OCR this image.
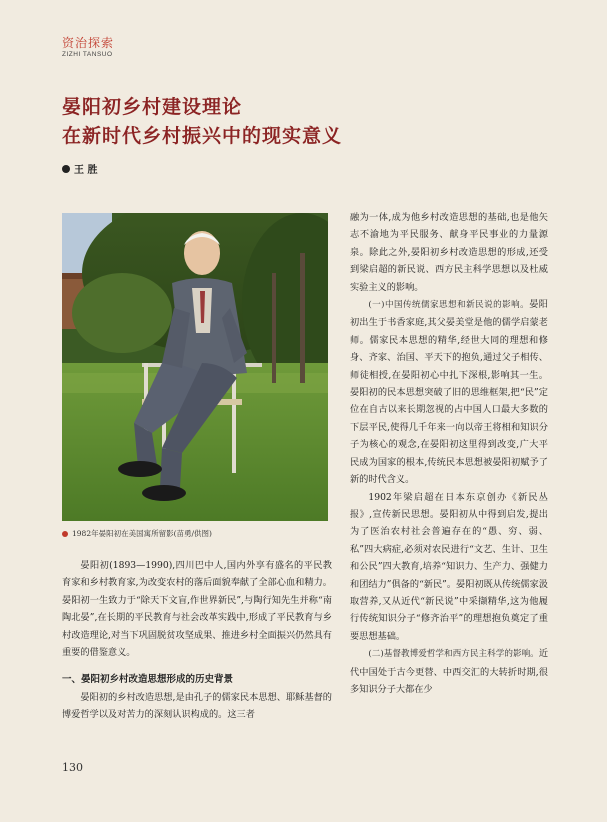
资治探索
ZIZHI TANSUO
晏阳初乡村建设理论
在新时代乡村振兴中的现实意义
王 胜
1982年晏阳初在美国寓所留影(苗勇/供图)

晏阳初(1893—1990),四川巴中人,国内外享有盛名的平民教育家和乡村教育家,为改变农村的落后面貌奉献了全部心血和精力。晏阳初一生致力于“除天下文盲,作世界新民”,与陶行知先生并称“南陶北晏”,在长期的平民教育与社会改革实践中,形成了平民教育与乡村改造理论,对当下巩固脱贫攻坚成果、推进乡村全面振兴仍然具有重要的借鉴意义。

一、晏阳初乡村改造思想形成的历史背景

晏阳初的乡村改造思想,是由孔子的儒家民本思想、耶稣基督的博爱哲学以及对苦力的深刻认识构成的。这三者

融为一体,成为他乡村改造思想的基础,也是他矢志不渝地为平民服务、献身平民事业的力量源泉。除此之外,晏阳初乡村改造思想的形成,还受到梁启超的新民说、西方民主科学思想以及杜威实验主义的影响。

(一)中国传统儒家思想和新民说的影响。晏阳初出生于书香家庭,其父晏美堂是他的儒学启蒙老师。儒家民本思想的精华,经世大同的理想和修身、齐家、治国、平天下的抱负,通过父子相传、师徒相授,在晏阳初心中扎下深根,影响其一生。晏阳初的民本思想突破了旧的思维框架,把“民”定位在自古以来长期忽视的占中国人口最大多数的下层平民,使得几千年来一向以帝王将相和知识分子为核心的观念,在晏阳初这里得到改变,广大平民成为国家的根本,传统民本思想被晏阳初赋予了新的时代含义。

1902年梁启超在日本东京创办《新民丛报》,宣传新民思想。晏阳初从中得到启发,提出为了医治农村社会普遍存在的“愚、穷、弱、私”四大病症,必须对农民进行“文艺、生计、卫生和公民”四大教育,培养“知识力、生产力、强健力和团结力”俱备的“新民”。晏阳初既从传统儒家汲取营养,又从近代“新民说”中采撷精华,这为他履行传统知识分子“修齐治平”的理想抱负奠定了重要思想基础。

(二)基督教博爱哲学和西方民主科学的影响。近代中国处于古今更替、中西交汇的大转折时期,很多知识分子大都在少

130
